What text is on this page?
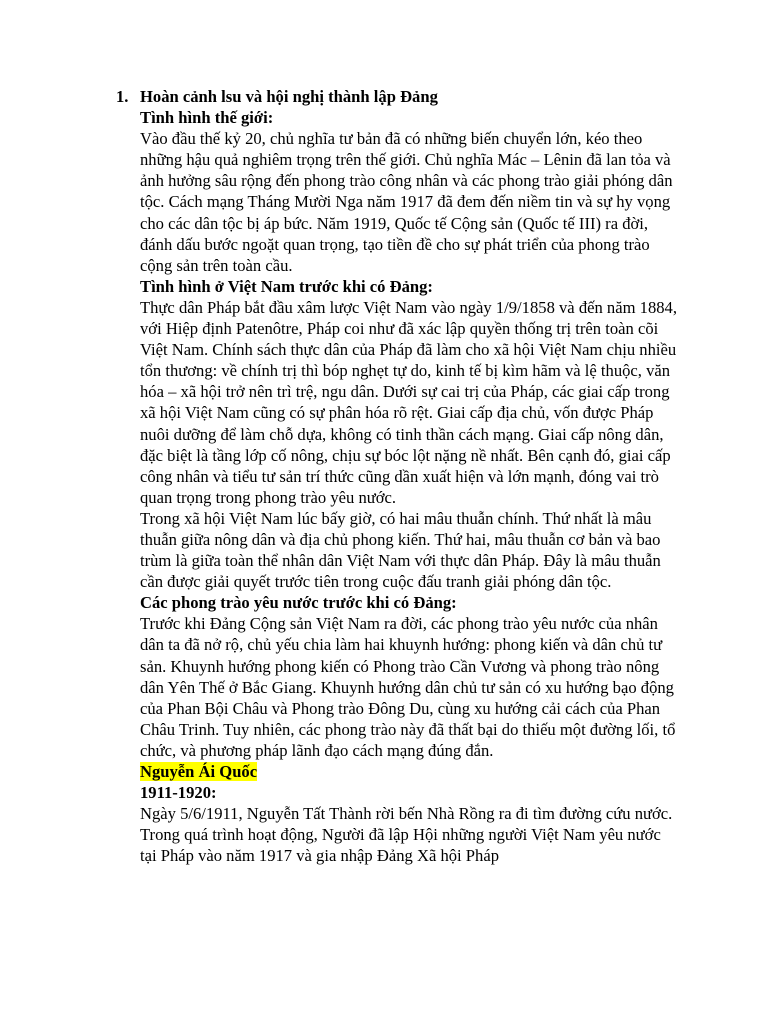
1. Hoàn cảnh lsu và hội nghị thành lập Đảng
Tình hình thế giới:

Vào đầu thế kỷ 20, chủ nghĩa tư bản đã có những biến chuyển lớn, kéo theo những hậu quả nghiêm trọng trên thế giới. Chủ nghĩa Mác – Lênin đã lan tỏa và ảnh hưởng sâu rộng đến phong trào công nhân và các phong trào giải phóng dân tộc. Cách mạng Tháng Mười Nga năm 1917 đã đem đến niềm tin và sự hy vọng cho các dân tộc bị áp bức. Năm 1919, Quốc tế Cộng sản (Quốc tế III) ra đời, đánh dấu bước ngoặt quan trọng, tạo tiền đề cho sự phát triển của phong trào cộng sản trên toàn cầu.

Tình hình ở Việt Nam trước khi có Đảng:

Thực dân Pháp bắt đầu xâm lược Việt Nam vào ngày 1/9/1858 và đến năm 1884, với Hiệp định Patenôtre, Pháp coi như đã xác lập quyền thống trị trên toàn cõi Việt Nam. Chính sách thực dân của Pháp đã làm cho xã hội Việt Nam chịu nhiều tổn thương: về chính trị thì bóp nghẹt tự do, kinh tế bị kìm hãm và lệ thuộc, văn hóa – xã hội trở nên trì trệ, ngu dân. Dưới sự cai trị của Pháp, các giai cấp trong xã hội Việt Nam cũng có sự phân hóa rõ rệt. Giai cấp địa chủ, vốn được Pháp nuôi dưỡng để làm chỗ dựa, không có tinh thần cách mạng. Giai cấp nông dân, đặc biệt là tầng lớp cố nông, chịu sự bóc lột nặng nề nhất. Bên cạnh đó, giai cấp công nhân và tiểu tư sản trí thức cũng dần xuất hiện và lớn mạnh, đóng vai trò quan trọng trong phong trào yêu nước.

Trong xã hội Việt Nam lúc bấy giờ, có hai mâu thuẫn chính. Thứ nhất là mâu thuẫn giữa nông dân và địa chủ phong kiến. Thứ hai, mâu thuẫn cơ bản và bao trùm là giữa toàn thể nhân dân Việt Nam với thực dân Pháp. Đây là mâu thuẫn cần được giải quyết trước tiên trong cuộc đấu tranh giải phóng dân tộc.

Các phong trào yêu nước trước khi có Đảng:

Trước khi Đảng Cộng sản Việt Nam ra đời, các phong trào yêu nước của nhân dân ta đã nở rộ, chủ yếu chia làm hai khuynh hướng: phong kiến và dân chủ tư sản. Khuynh hướng phong kiến có Phong trào Cần Vương và phong trào nông dân Yên Thế ở Bắc Giang. Khuynh hướng dân chủ tư sản có xu hướng bạo động của Phan Bội Châu và Phong trào Đông Du, cùng xu hướng cải cách của Phan Châu Trinh. Tuy nhiên, các phong trào này đã thất bại do thiếu một đường lối, tổ chức, và phương pháp lãnh đạo cách mạng đúng đắn.

Nguyễn Ái Quốc
1911-1920:

Ngày 5/6/1911, Nguyễn Tất Thành rời bến Nhà Rồng ra đi tìm đường cứu nước. Trong quá trình hoạt động, Người đã lập Hội những người Việt Nam yêu nước tại Pháp vào năm 1917 và gia nhập Đảng Xã hội Pháp
